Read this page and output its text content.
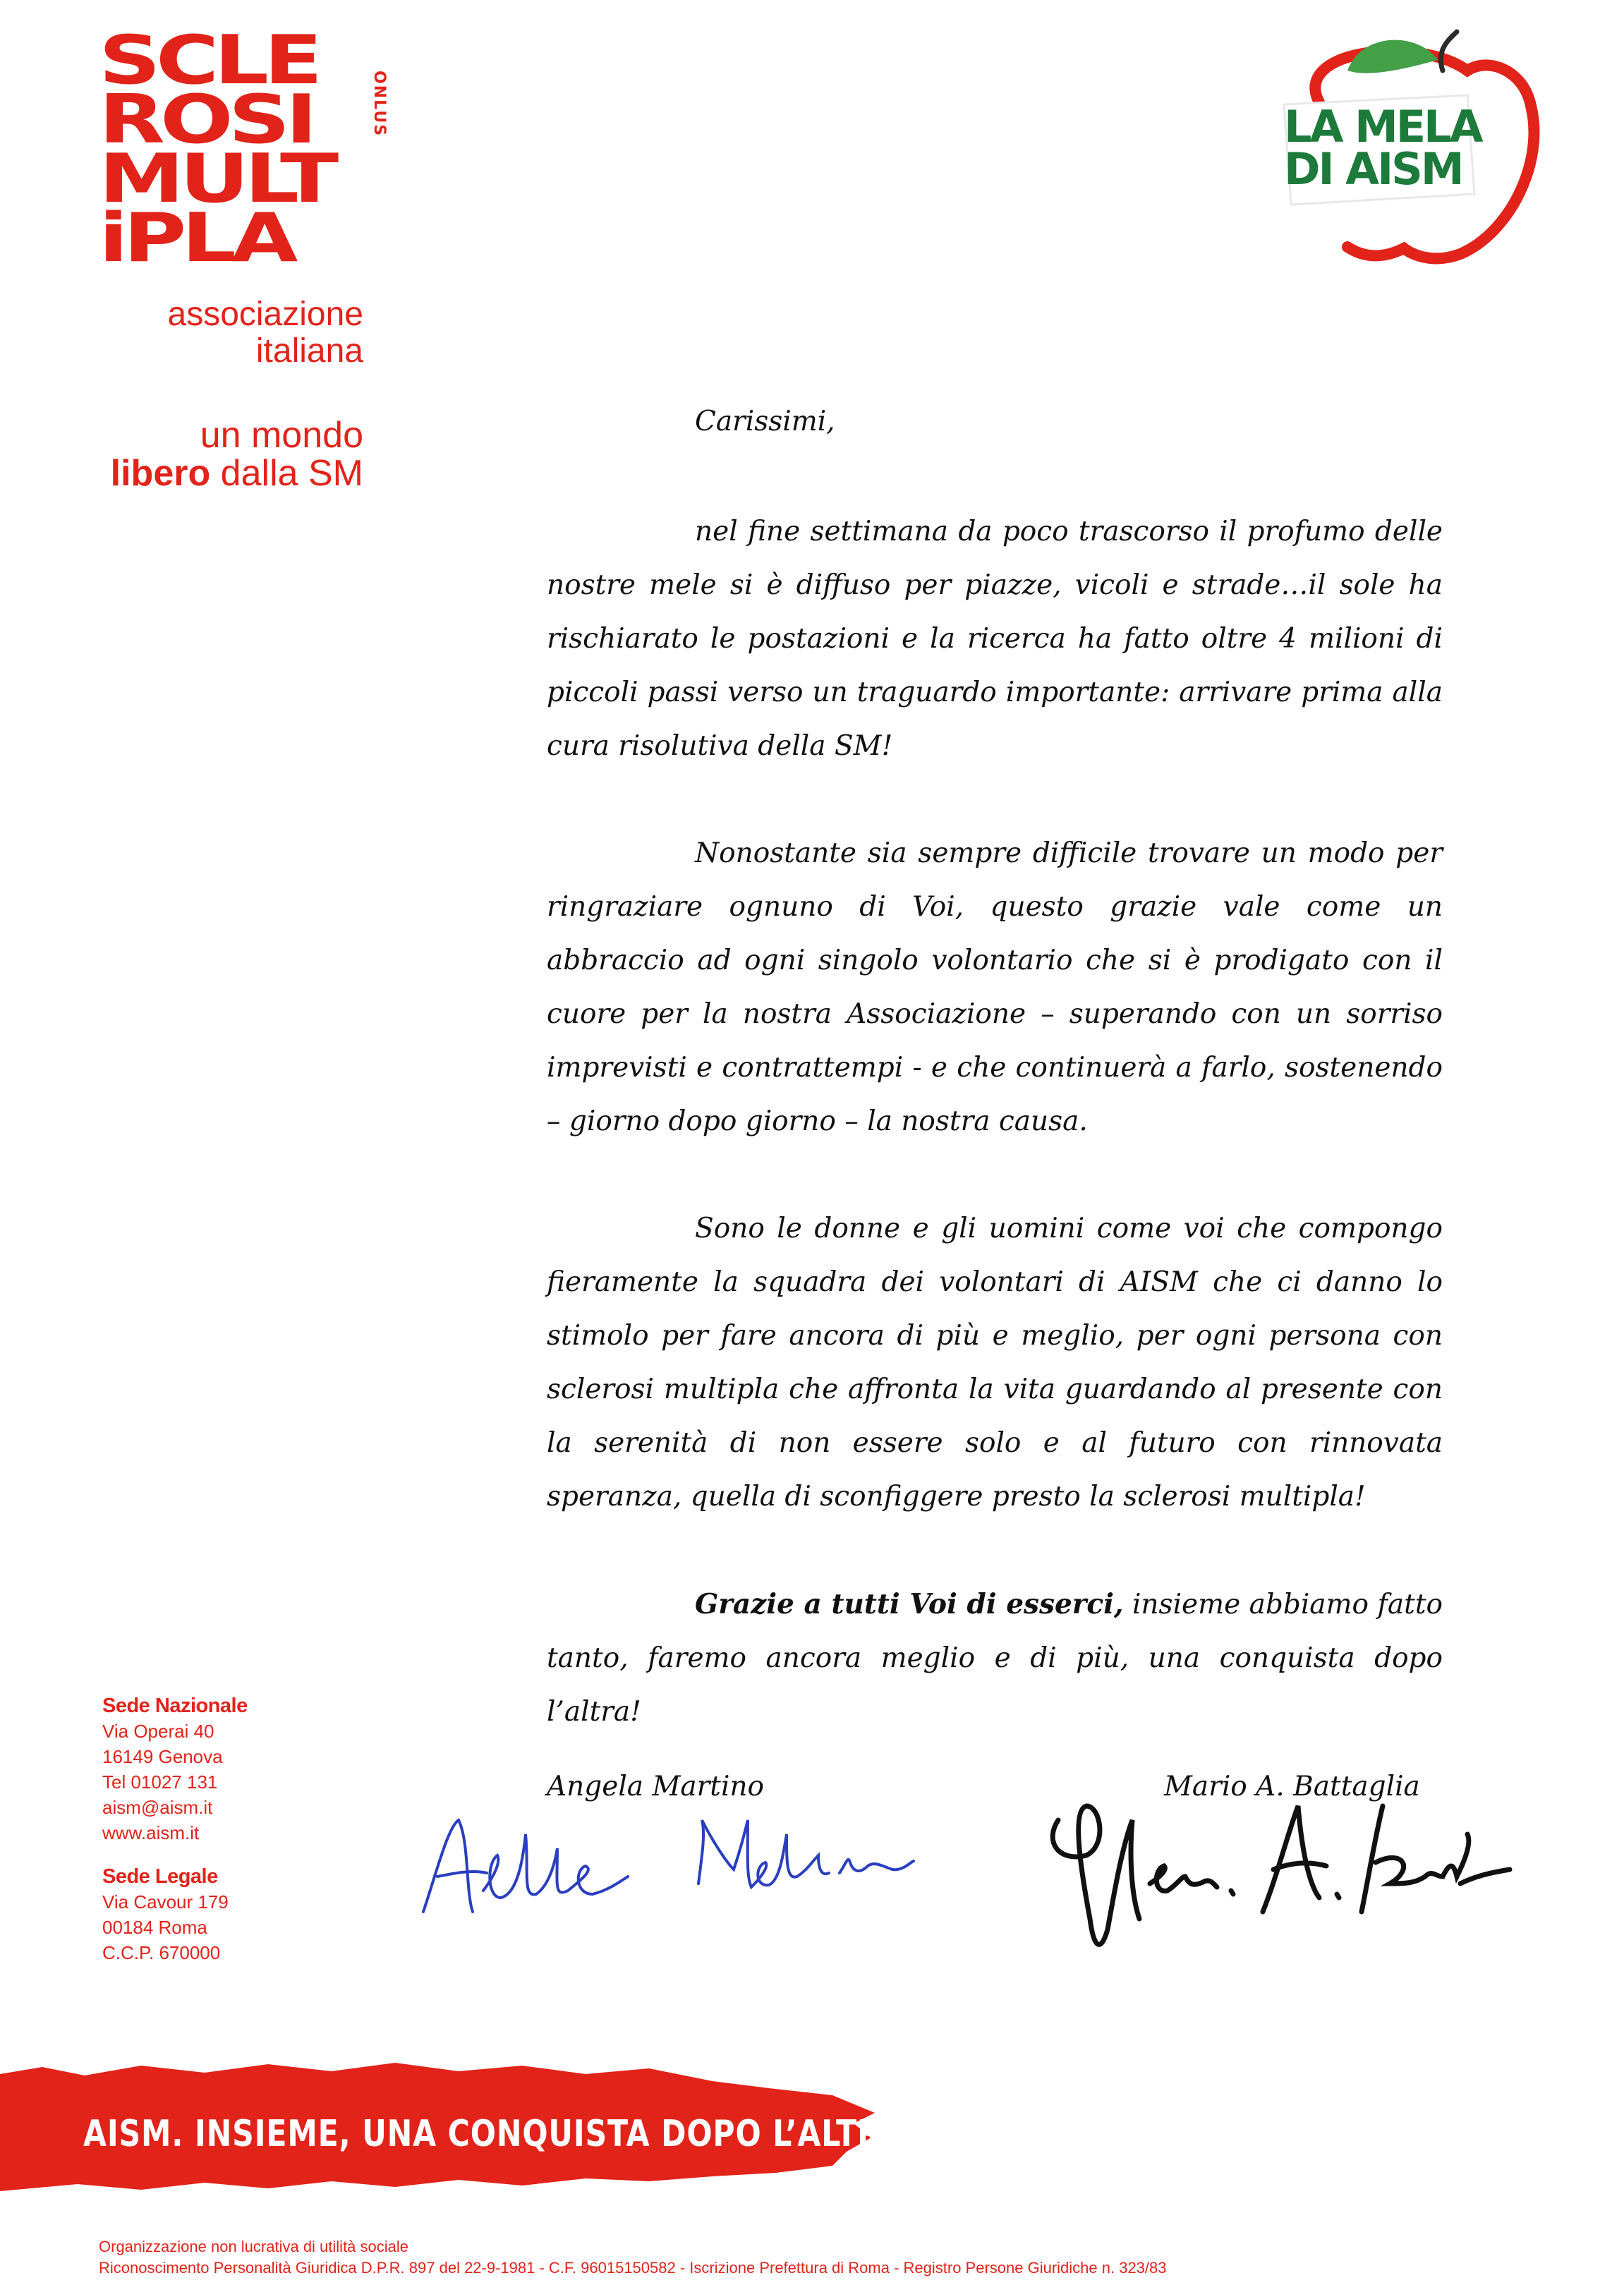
SCLE
ROSI
MULT
iPLA
ONLUS
associazione
italiana
un mondo
libero dalla SM
LA MELA
DI AISM
Carissimi,

nel fine settimana da poco trascorso il profumo delle nostre mele si è diffuso per piazze, vicoli e strade…il sole ha rischiarato le postazioni e la ricerca ha fatto oltre 4 milioni di piccoli passi verso un traguardo importante: arrivare prima alla cura risolutiva della SM!

Nonostante sia sempre difficile trovare un modo per ringraziare ognuno di Voi, questo grazie vale come un abbraccio ad ogni singolo volontario che si è prodigato con il cuore per la nostra Associazione – superando con un sorriso imprevisti e contrattempi - e che continuerà a farlo, sostenendo – giorno dopo giorno – la nostra causa.

Sono le donne e gli uomini come voi che compongo fieramente la squadra dei volontari di AISM che ci danno lo stimolo per fare ancora di più e meglio, per ogni persona con sclerosi multipla che affronta la vita guardando al presente con la serenità di non essere solo e al futuro con rinnovata speranza, quella di sconfiggere presto la sclerosi multipla!

Grazie a tutti Voi di esserci, insieme abbiamo fatto tanto, faremo ancora meglio e di più, una conquista dopo l’altra!

Angela Martino	Mario A. Battaglia
Sede Nazionale
Via Operai 40
16149 Genova
Tel 01027 131
aism@aism.it
www.aism.it
Sede Legale
Via Cavour 179
00184 Roma
C.C.P. 670000
AISM. INSIEME, UNA CONQUISTA DOPO L’ALTRA
Organizzazione non lucrativa di utilità sociale
Riconoscimento Personalità Giuridica D.P.R. 897 del 22-9-1981 - C.F. 96015150582 - Iscrizione Prefettura di Roma - Registro Persone Giuridiche n. 323/83
